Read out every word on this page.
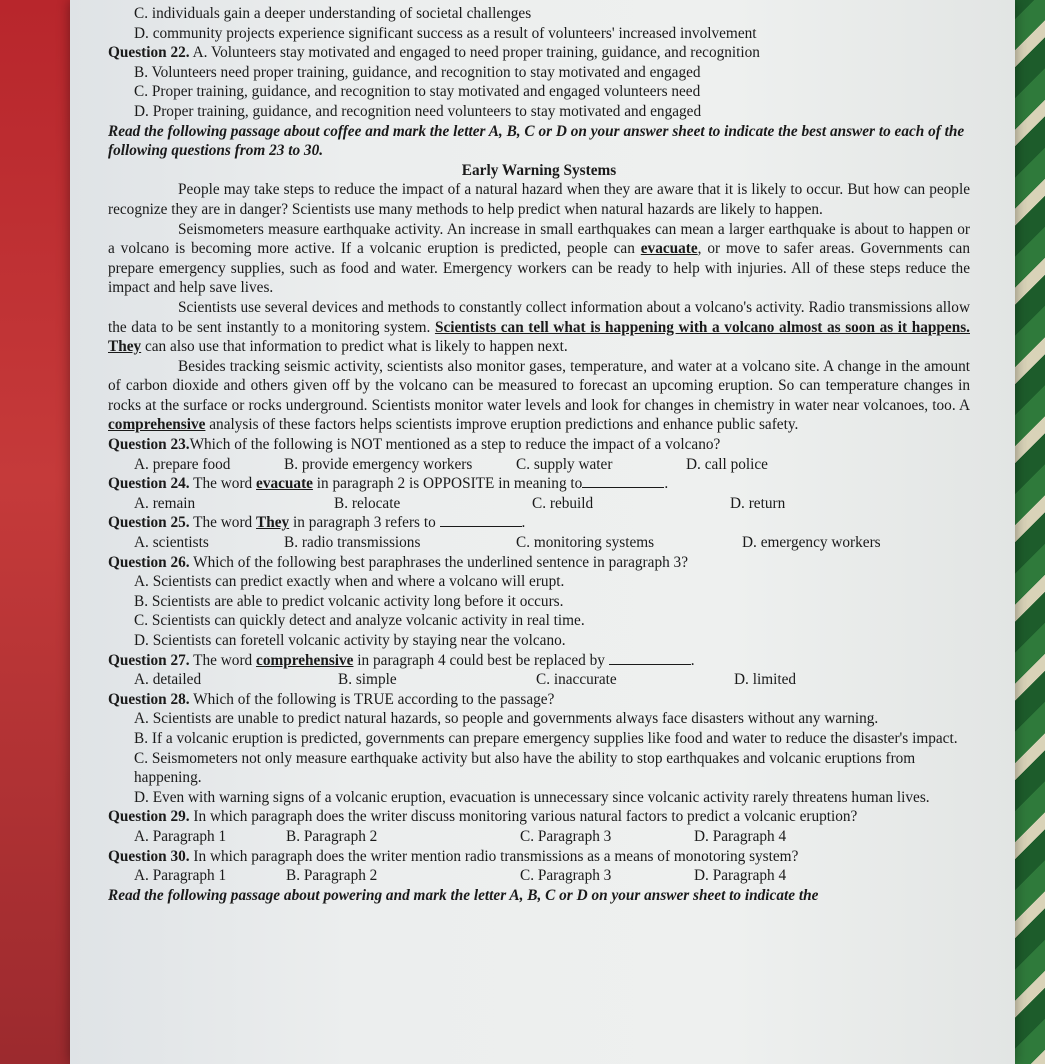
C. individuals gain a deeper understanding of societal challenges

D. community projects experience significant success as a result of volunteers' increased involvement

Question 22. A. Volunteers stay motivated and engaged to need proper training, guidance, and recognition

B. Volunteers need proper training, guidance, and recognition to stay motivated and engaged

C. Proper training, guidance, and recognition to stay motivated and engaged volunteers need

D. Proper training, guidance, and recognition need volunteers to stay motivated and engaged

Read the following passage about coffee and mark the letter A, B, C or D on your answer sheet to indicate the best answer to each of the following questions from 23 to 30.

Early Warning Systems

People may take steps to reduce the impact of a natural hazard when they are aware that it is likely to occur. But how can people recognize they are in danger? Scientists use many methods to help predict when natural hazards are likely to happen.

Seismometers measure earthquake activity. An increase in small earthquakes can mean a larger earthquake is about to happen or a volcano is becoming more active. If a volcanic eruption is predicted, people can evacuate, or move to safer areas. Governments can prepare emergency supplies, such as food and water. Emergency workers can be ready to help with injuries. All of these steps reduce the impact and help save lives.

Scientists use several devices and methods to constantly collect information about a volcano's activity. Radio transmissions allow the data to be sent instantly to a monitoring system. Scientists can tell what is happening with a volcano almost as soon as it happens. They can also use that information to predict what is likely to happen next.

Besides tracking seismic activity, scientists also monitor gases, temperature, and water at a volcano site. A change in the amount of carbon dioxide and others given off by the volcano can be measured to forecast an upcoming eruption. So can temperature changes in rocks at the surface or rocks underground. Scientists monitor water levels and look for changes in chemistry in water near volcanoes, too. A comprehensive analysis of these factors helps scientists improve eruption predictions and enhance public safety.

Question 23.Which of the following is NOT mentioned as a step to reduce the impact of a volcano?

A. prepare food	B. provide emergency workers	C. supply water	D. call police

Question 24. The word evacuate in paragraph 2 is OPPOSITE in meaning to	.

A. remain	B. relocate	C. rebuild	D. return

Question 25. The word They in paragraph 3 refers to	.

A. scientists	B. radio transmissions	C. monitoring systems	D. emergency workers

Question 26. Which of the following best paraphrases the underlined sentence in paragraph 3?

A. Scientists can predict exactly when and where a volcano will erupt.

B. Scientists are able to predict volcanic activity long before it occurs.

C. Scientists can quickly detect and analyze volcanic activity in real time.

D. Scientists can foretell volcanic activity by staying near the volcano.

Question 27. The word comprehensive in paragraph 4 could best be replaced by	.

A. detailed	B. simple	C. inaccurate	D. limited

Question 28. Which of the following is TRUE according to the passage?

A. Scientists are unable to predict natural hazards, so people and governments always face disasters without any warning.

B. If a volcanic eruption is predicted, governments can prepare emergency supplies like food and water to reduce the disaster's impact.

C. Seismometers not only measure earthquake activity but also have the ability to stop earthquakes and volcanic eruptions from happening.

D. Even with warning signs of a volcanic eruption, evacuation is unnecessary since volcanic activity rarely threatens human lives.

Question 29. In which paragraph does the writer discuss monitoring various natural factors to predict a volcanic eruption?

A. Paragraph 1	B. Paragraph 2	C. Paragraph 3	D. Paragraph 4

Question 30. In which paragraph does the writer mention radio transmissions as a means of monotoring system?

A. Paragraph 1	B. Paragraph 2	C. Paragraph 3	D. Paragraph 4

Read the following passage about powering and mark the letter A, B, C or D on your answer sheet to indicate the
